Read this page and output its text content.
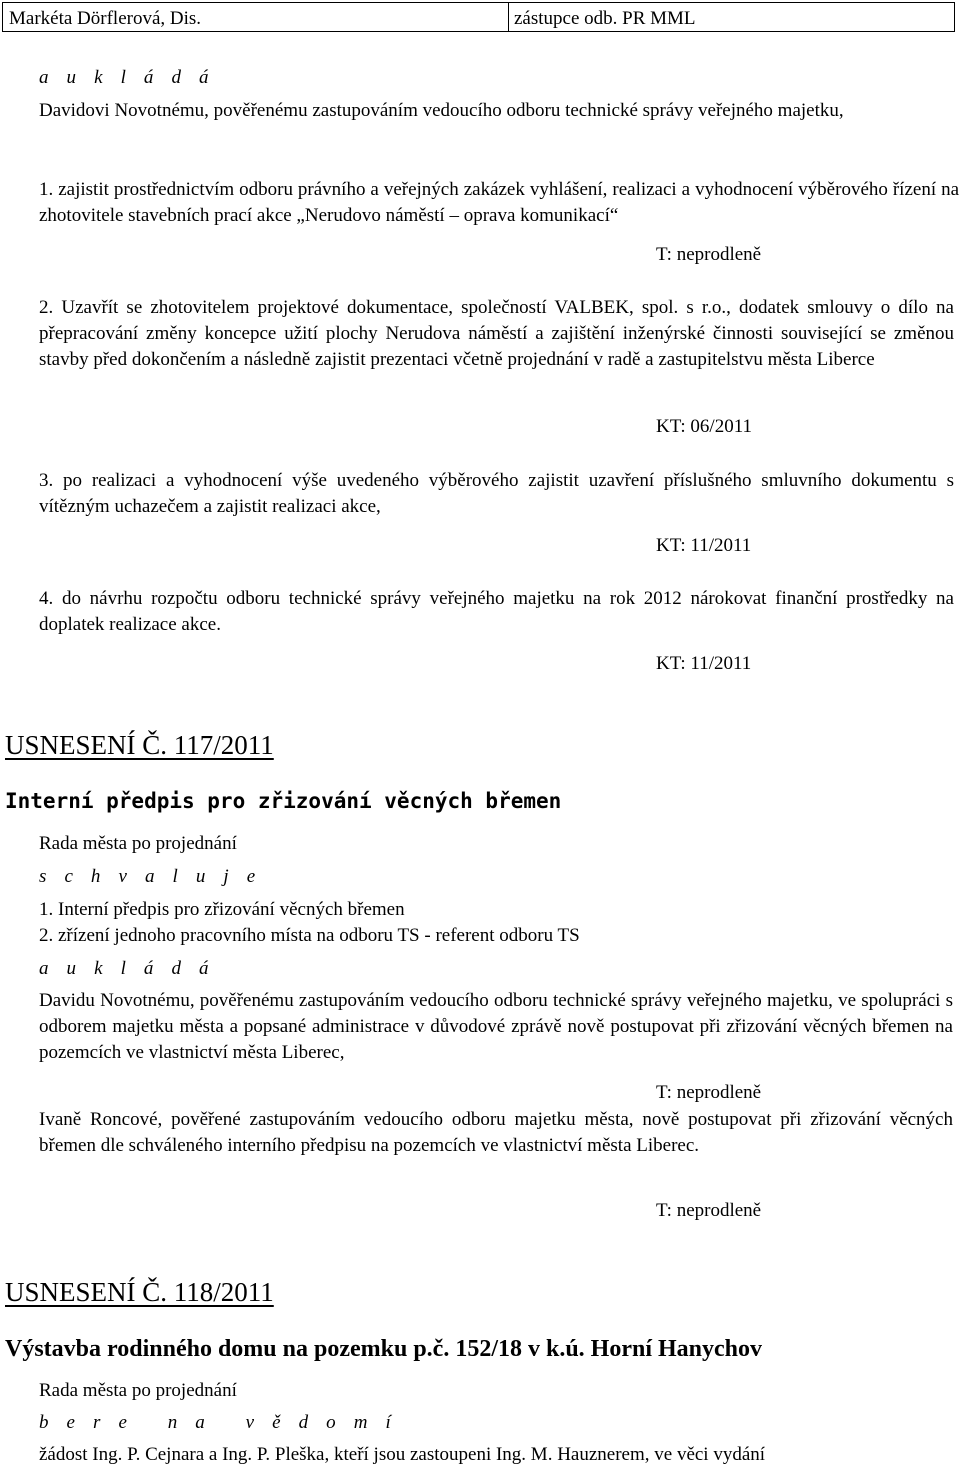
Markéta Dörflerová, Dis.	zástupce odb. PR MML
a u k l á d á
Davidovi Novotnému, pověřenému zastupováním vedoucího odboru technické správy veřejného majetku,
1. zajistit prostřednictvím odboru právního a veřejných zakázek vyhlášení, realizaci a vyhodnocení výběrového řízení na zhotovitele stavebních prací akce „Nerudovo náměstí – oprava komunikací“
T: neprodleně
2. Uzavřít se zhotovitelem projektové dokumentace, společností VALBEK, spol. s r.o., dodatek smlouvy o dílo na přepracování změny koncepce užití plochy Nerudova náměstí a zajištění inženýrské činnosti související se změnou stavby před dokončením a následně zajistit prezentaci včetně projednání v radě a zastupitelstvu města Liberce
KT: 06/2011
3. po realizaci a vyhodnocení výše uvedeného výběrového zajistit uzavření příslušného smluvního dokumentu s vítězným uchazečem a zajistit realizaci akce,
KT: 11/2011
4. do návrhu rozpočtu odboru technické správy veřejného majetku na rok 2012 nárokovat finanční prostředky na doplatek realizace akce.
KT: 11/2011
USNESENÍ Č. 117/2011
Interní předpis pro zřizování věcných břemen
Rada města po projednání
s c h v a l u j e
1. Interní předpis pro zřizování věcných břemen
2. zřízení jednoho pracovního místa na odboru TS - referent odboru TS
a u k l á d á
Davidu Novotnému, pověřenému zastupováním vedoucího odboru technické správy veřejného majetku, ve spolupráci s odborem majetku města a popsané administrace v důvodové zprávě nově postupovat při zřizování věcných břemen na pozemcích ve vlastnictví města Liberec,
T: neprodleně
Ivaně Roncové, pověřené zastupováním vedoucího odboru majetku města, nově postupovat při zřizování věcných břemen dle schváleného interního předpisu na pozemcích ve vlastnictví města Liberec.
T: neprodleně
USNESENÍ Č. 118/2011
Výstavba rodinného domu na pozemku p.č. 152/18 v k.ú. Horní Hanychov
Rada města po projednání
b e r e   n a   v ě d o m í
žádost Ing. P. Cejnara a Ing. P. Pleška, kteří jsou zastoupeni Ing. M. Hauznerem, ve věci vydání
